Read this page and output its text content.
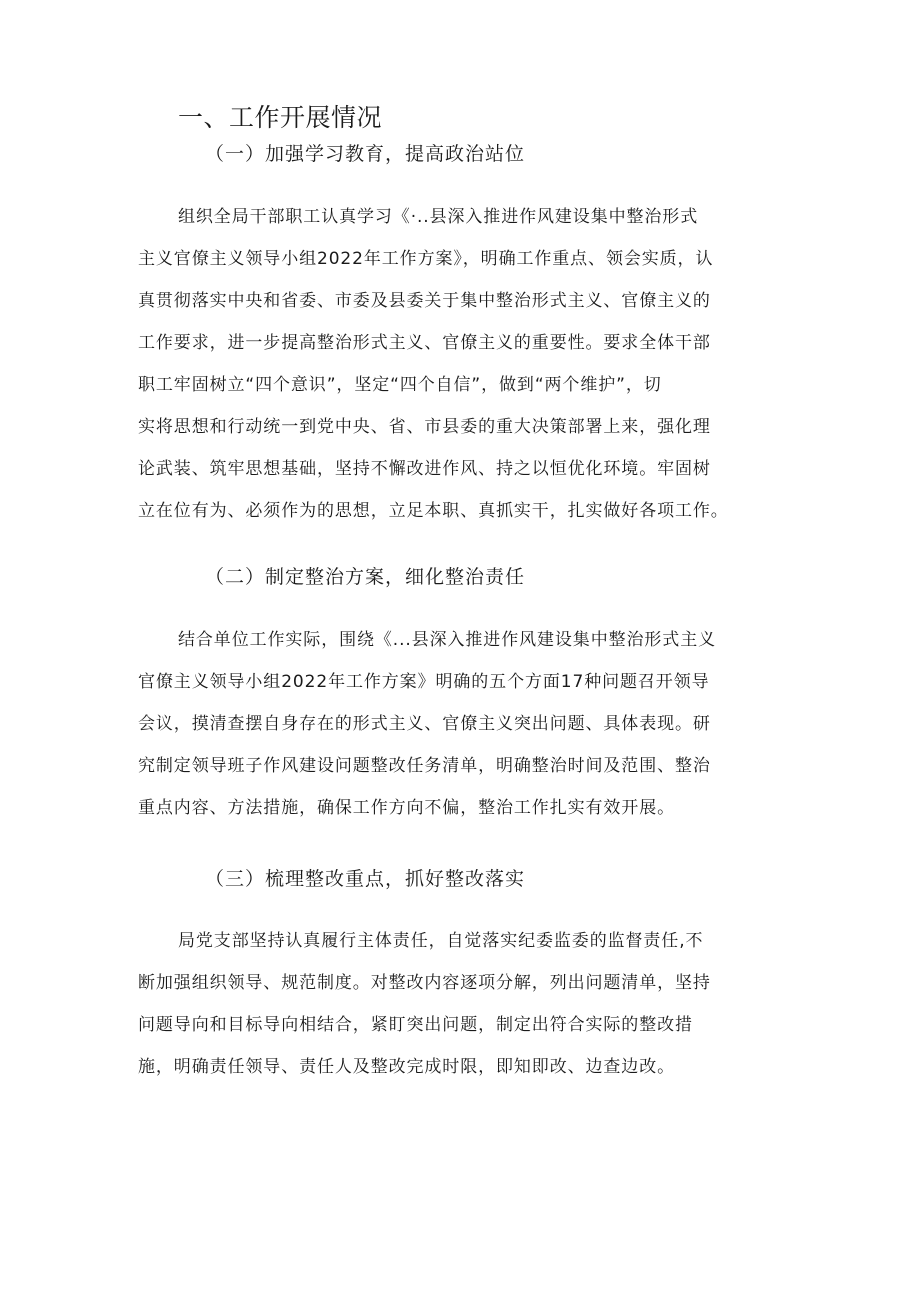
一、工作开展情况
（一）加强学习教育，提高政治站位
组织全局干部职工认真学习《·..县深入推进作风建设集中整治形式
主义官僚主义领导小组2022年工作方案》，明确工作重点、领会实质，认
真贯彻落实中央和省委、市委及县委关于集中整治形式主义、官僚主义的
工作要求，进一步提高整治形式主义、官僚主义的重要性。要求全体干部
职工牢固树立“四个意识”，坚定“四个自信”，做到“两个维护”，切
实将思想和行动统一到党中央、省、市县委的重大决策部署上来，强化理
论武装、筑牢思想基础，坚持不懈改进作风、持之以恒优化环境。牢固树
立在位有为、必须作为的思想，立足本职、真抓实干，扎实做好各项工作。
（二）制定整治方案，细化整治责任
结合单位工作实际，围绕《...县深入推进作风建设集中整治形式主义
官僚主义领导小组2022年工作方案》明确的五个方面17种问题召开领导
会议，摸清查摆自身存在的形式主义、官僚主义突出问题、具体表现。研
究制定领导班子作风建设问题整改任务清单，明确整治时间及范围、整治
重点内容、方法措施，确保工作方向不偏，整治工作扎实有效开展。
（三）梳理整改重点，抓好整改落实
局党支部坚持认真履行主体责任，自觉落实纪委监委的监督责任,不
断加强组织领导、规范制度。对整改内容逐项分解，列出问题清单，坚持
问题导向和目标导向相结合，紧盯突出问题，制定出符合实际的整改措
施，明确责任领导、责任人及整改完成时限，即知即改、边查边改。
